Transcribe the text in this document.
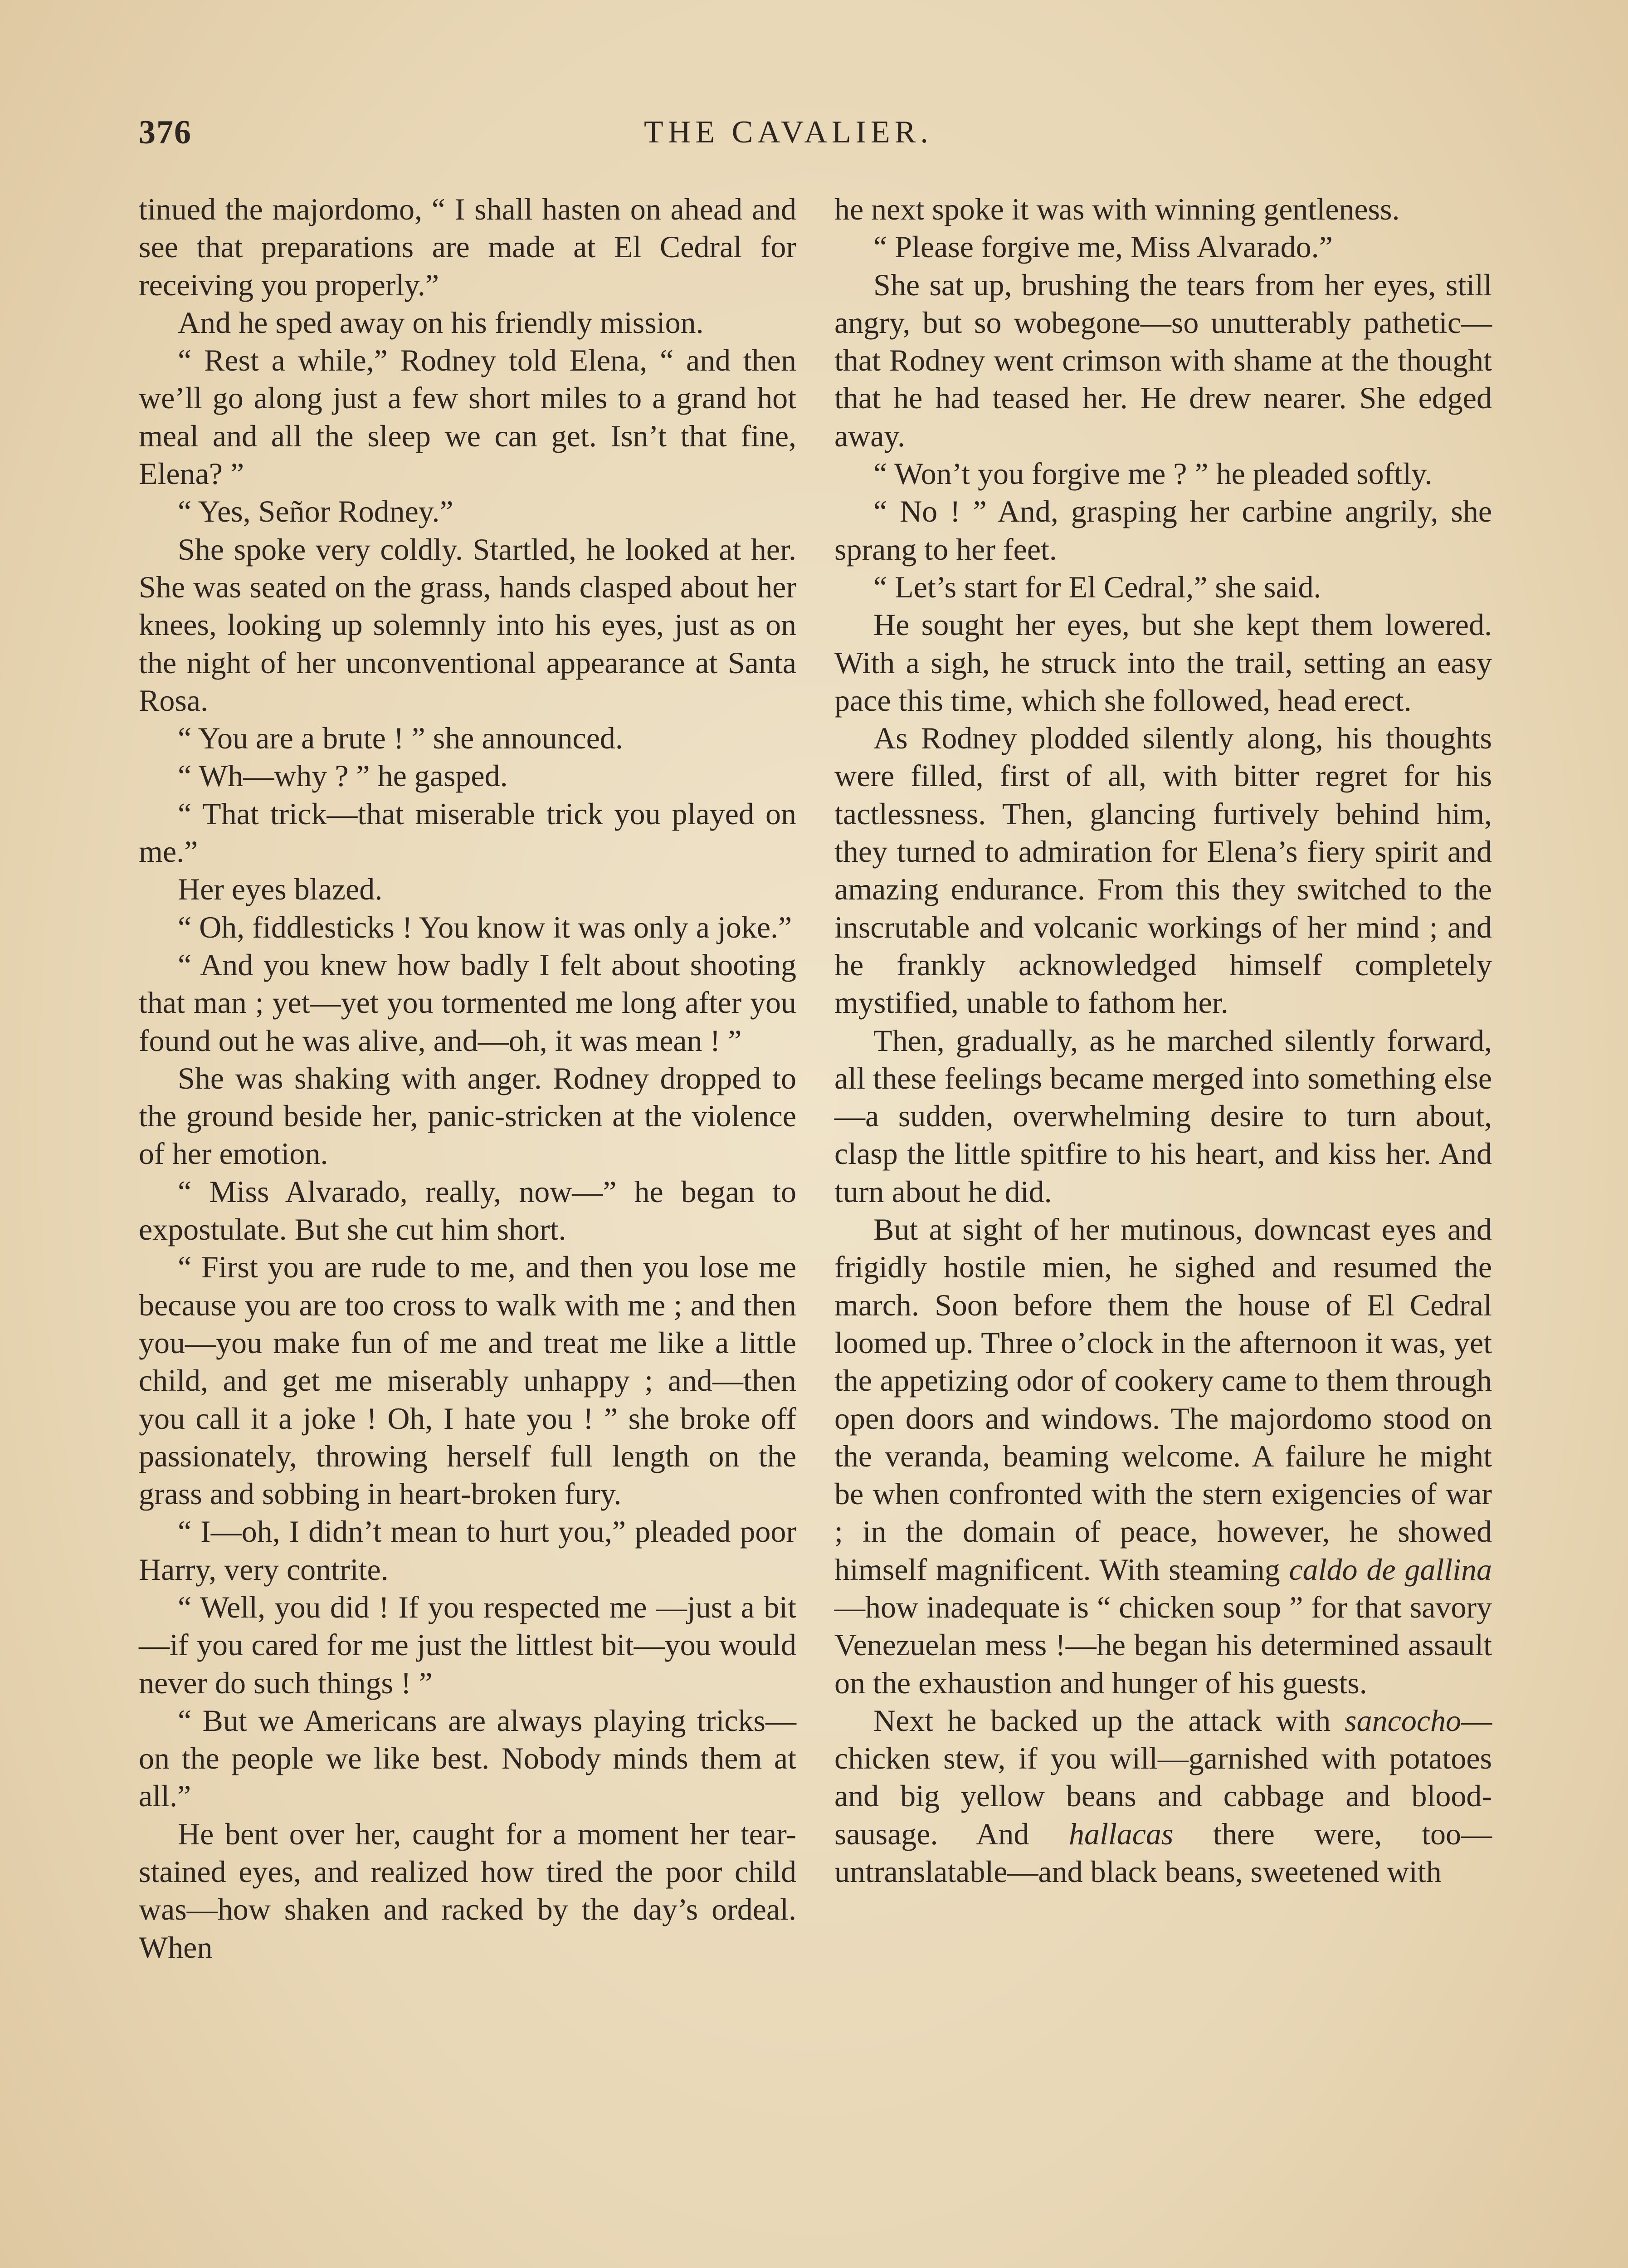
376	THE CAVALIER.

tinued the majordomo, “ I shall hasten on ahead and see that preparations are made at El Cedral for receiving you properly.”

And he sped away on his friendly mission.

“ Rest a while,” Rodney told Elena, “ and then we’ll go along just a few short miles to a grand hot meal and all the sleep we can get. Isn’t that fine, Elena? ”

“ Yes, Señor Rodney.”

She spoke very coldly. Startled, he looked at her. She was seated on the grass, hands clasped about her knees, looking up solemnly into his eyes, just as on the night of her unconventional appearance at Santa Rosa.

“ You are a brute ! ” she announced.

“ Wh—why ? ” he gasped.

“ That trick—that miserable trick you played on me.”

Her eyes blazed.

“ Oh, fiddlesticks ! You know it was only a joke.”

“ And you knew how badly I felt about shooting that man ; yet—yet you tormented me long after you found out he was alive, and—oh, it was mean ! ”

She was shaking with anger. Rodney dropped to the ground beside her, panic-stricken at the violence of her emotion.

“ Miss Alvarado, really, now—” he began to expostulate. But she cut him short.

“ First you are rude to me, and then you lose me because you are too cross to walk with me ; and then you—you make fun of me and treat me like a little child, and get me miserably unhappy ; and—then you call it a joke ! Oh, I hate you ! ” she broke off passionately, throwing herself full length on the grass and sobbing in heart-broken fury.

“ I—oh, I didn’t mean to hurt you,” pleaded poor Harry, very contrite.

“ Well, you did ! If you respected me —just a bit—if you cared for me just the littlest bit—you would never do such things ! ”

“ But we Americans are always playing tricks—on the people we like best. Nobody minds them at all.”

He bent over her, caught for a moment her tear-stained eyes, and realized how tired the poor child was—how shaken and racked by the day’s ordeal. When

he next spoke it was with winning gentleness.

“ Please forgive me, Miss Alvarado.”

She sat up, brushing the tears from her eyes, still angry, but so wobegone—so unutterably pathetic—that Rodney went crimson with shame at the thought that he had teased her. He drew nearer. She edged away.

“ Won’t you forgive me ? ” he pleaded softly.

“ No ! ” And, grasping her carbine angrily, she sprang to her feet.

“ Let’s start for El Cedral,” she said.

He sought her eyes, but she kept them lowered. With a sigh, he struck into the trail, setting an easy pace this time, which she followed, head erect.

As Rodney plodded silently along, his thoughts were filled, first of all, with bitter regret for his tactlessness. Then, glancing furtively behind him, they turned to admiration for Elena’s fiery spirit and amazing endurance. From this they switched to the inscrutable and volcanic workings of her mind ; and he frankly acknowledged himself completely mystified, unable to fathom her.

Then, gradually, as he marched silently forward, all these feelings became merged into something else—a sudden, overwhelming desire to turn about, clasp the little spitfire to his heart, and kiss her. And turn about he did.

But at sight of her mutinous, downcast eyes and frigidly hostile mien, he sighed and resumed the march. Soon before them the house of El Cedral loomed up. Three o’clock in the afternoon it was, yet the appetizing odor of cookery came to them through open doors and windows. The majordomo stood on the veranda, beaming welcome. A failure he might be when confronted with the stern exigencies of war ; in the domain of peace, however, he showed himself magnificent. With steaming caldo de gallina—how inadequate is “ chicken soup ” for that savory Venezuelan mess !—he began his determined assault on the exhaustion and hunger of his guests.

Next he backed up the attack with sancocho—chicken stew, if you will—garnished with potatoes and big yellow beans and cabbage and blood-sausage. And hallacas there were, too—untranslatable—and black beans, sweetened with
